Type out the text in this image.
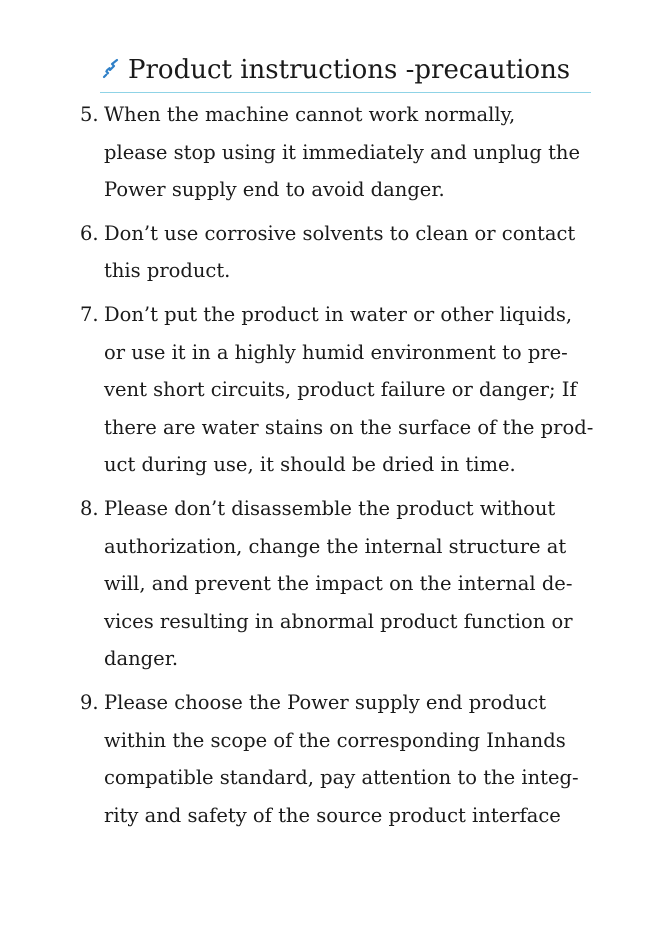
Product instructions -precautions
5. When the machine cannot work normally,
please stop using it immediately and unplug the
Power supply end to avoid danger.
6. Don’t use corrosive solvents to clean or contact
this product.
7. Don’t put the product in water or other liquids,
or use it in a highly humid environment to pre-
vent short circuits, product failure or danger; If
there are water stains on the surface of the prod-
uct during use, it should be dried in time.
8. Please don’t disassemble the product without
authorization, change the internal structure at
will, and prevent the impact on the internal de-
vices resulting in abnormal product function or
danger.
9. Please choose the Power supply end product
within the scope of the corresponding Inhands
compatible standard, pay attention to the integ-
rity and safety of the source product interface
